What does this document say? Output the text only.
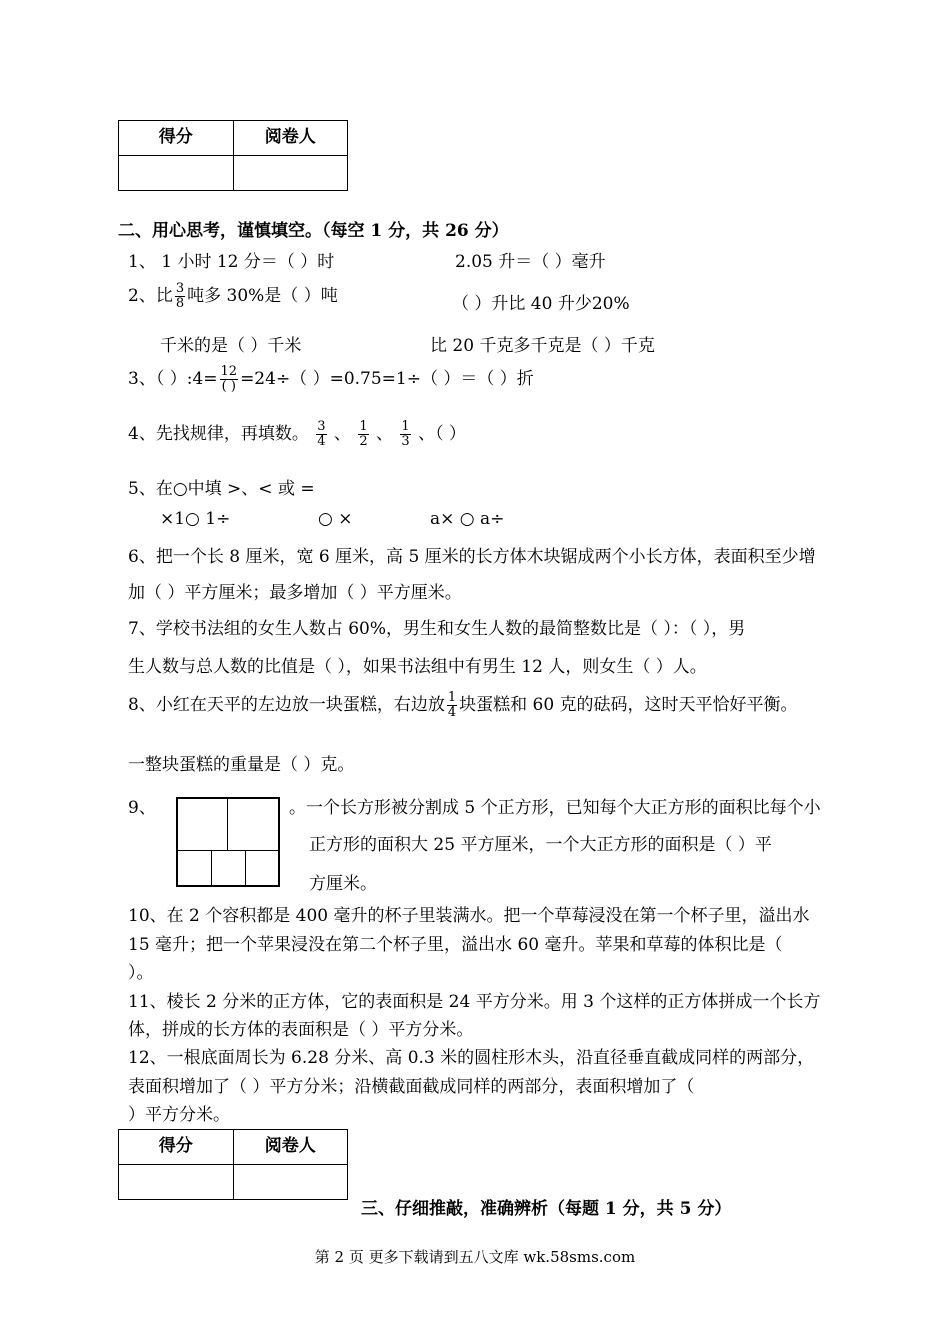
得分	阅卷人

二、用心思考，谨慎填空。（每空 1 分，共 26 分）
1、 1 小时 12 分＝（ ）时	2.05 升＝（ ）毫升
2、比 $\frac{3}{8}$ 吨多 30%是（ ）吨	（ ）升比 40 升少20%
千米的是（ ）千米	比 20 千克多千克是（ ）千克
3、（ ）:4= $\frac{12}{( )} =24\div$（ ）=0.75=1÷（ ）＝（ ）折
4、先找规律，再填数。 $\frac{3}{4}$ 、 $\frac{1}{2}$ 、 $\frac{1}{3}$ 、（ ）
5、在○中填 >、< 或 =
×1○ 1÷	○ ×	a× ○ a÷
6、把一个长 8 厘米，宽 6 厘米，高 5 厘米的长方体木块锯成两个小长方体，表面积至少增
加（ ）平方厘米；最多增加（ ）平方厘米。
7、学校书法组的女生人数占 60%，男生和女生人数的最简整数比是（ ）：（ ），男
生人数与总人数的比值是（ ），如果书法组中有男生 12 人，则女生（ ）人。
8、小红在天平的左边放一块蛋糕，右边放 $\frac{1}{4}$ 块蛋糕和 60 克的砝码，这时天平恰好平衡。
一整块蛋糕的重量是（ ）克。
9、	。一个长方形被分割成 5 个正方形，已知每个大正方形的面积比每个小
正方形的面积大 25 平方厘米，一个大正方形的面积是（ ）平
方厘米。
10、在 2 个容积都是 400 毫升的杯子里装满水。把一个草莓浸没在第一个杯子里，溢出水
15 毫升；把一个苹果浸没在第二个杯子里，溢出水 60 毫升。苹果和草莓的体积比是（
）。
11、棱长 2 分米的正方体，它的表面积是 24 平方分米。用 3 个这样的正方体拼成一个长方
体，拼成的长方体的表面积是（ ）平方分米。
12、一根底面周长为 6.28 分米、高 0.3 米的圆柱形木头，沿直径垂直截成同样的两部分，
表面积增加了（ ）平方分米；沿横截面截成同样的两部分，表面积增加了（
）平方分米。
得分	阅卷人

三、仔细推敲，准确辨析（每题 1 分，共 5 分）
第 2 页 更多下载请到五八文库 wk.58sms.com
